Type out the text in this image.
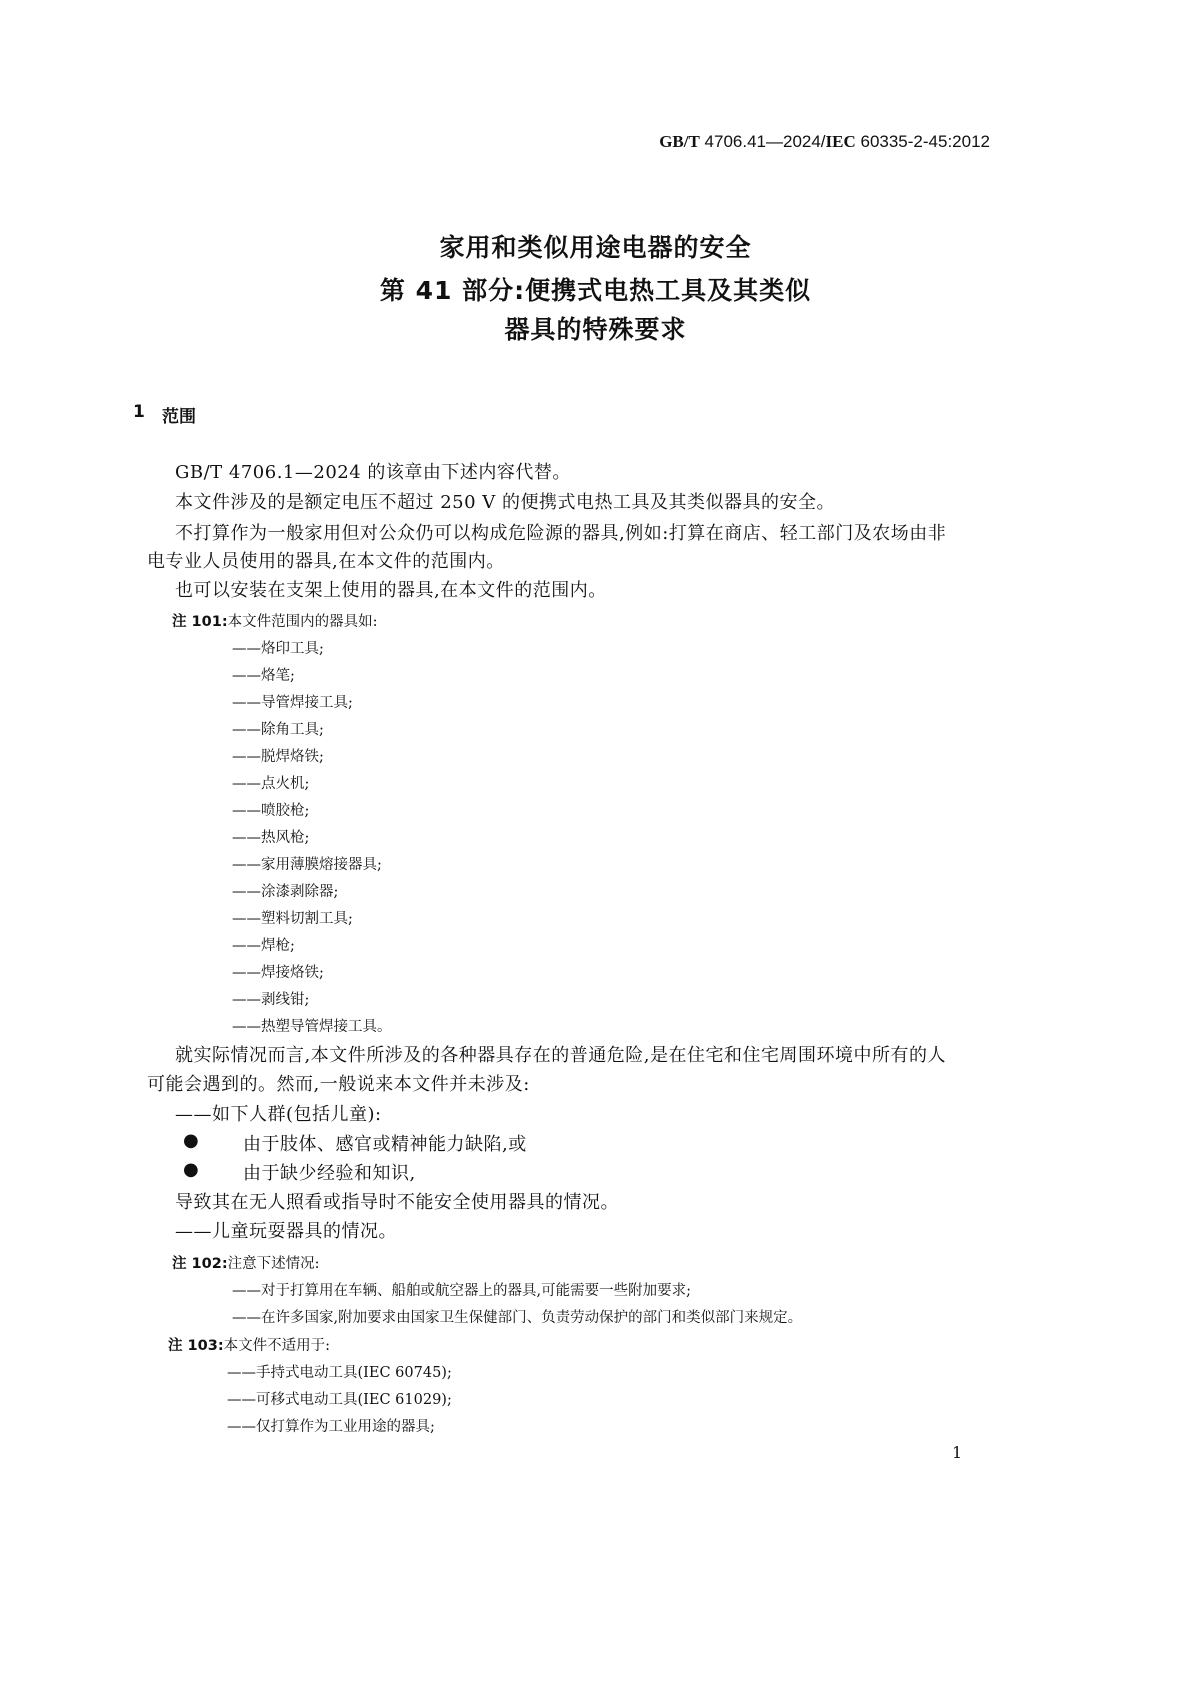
GB/T 4706.41—2024/IEC 60335-2-45:2012
家用和类似用途电器的安全
第 41 部分:便携式电热工具及其类似
器具的特殊要求
1 范围
GB/T 4706.1—2024 的该章由下述内容代替。
本文件涉及的是额定电压不超过 250 V 的便携式电热工具及其类似器具的安全。
不打算作为一般家用但对公众仍可以构成危险源的器具,例如:打算在商店、轻工部门及农场由非
电专业人员使用的器具,在本文件的范围内。
也可以安装在支架上使用的器具,在本文件的范围内。
注 101:本文件范围内的器具如:
——烙印工具;
——烙笔;
——导管焊接工具;
——除角工具;
——脱焊烙铁;
——点火机;
——喷胶枪;
——热风枪;
——家用薄膜熔接器具;
——涂漆剥除器;
——塑料切割工具;
——焊枪;
——焊接烙铁;
——剥线钳;
——热塑导管焊接工具。
就实际情况而言,本文件所涉及的各种器具存在的普通危险,是在住宅和住宅周围环境中所有的人
可能会遇到的。然而,一般说来本文件并未涉及:
——如下人群(包括儿童):
● 由于肢体、感官或精神能力缺陷,或
● 由于缺少经验和知识,
导致其在无人照看或指导时不能安全使用器具的情况。
——儿童玩耍器具的情况。
注 102:注意下述情况:
——对于打算用在车辆、船舶或航空器上的器具,可能需要一些附加要求;
——在许多国家,附加要求由国家卫生保健部门、负责劳动保护的部门和类似部门来规定。
注 103:本文件不适用于:
——手持式电动工具(IEC 60745);
——可移式电动工具(IEC 61029);
——仅打算作为工业用途的器具;
1
